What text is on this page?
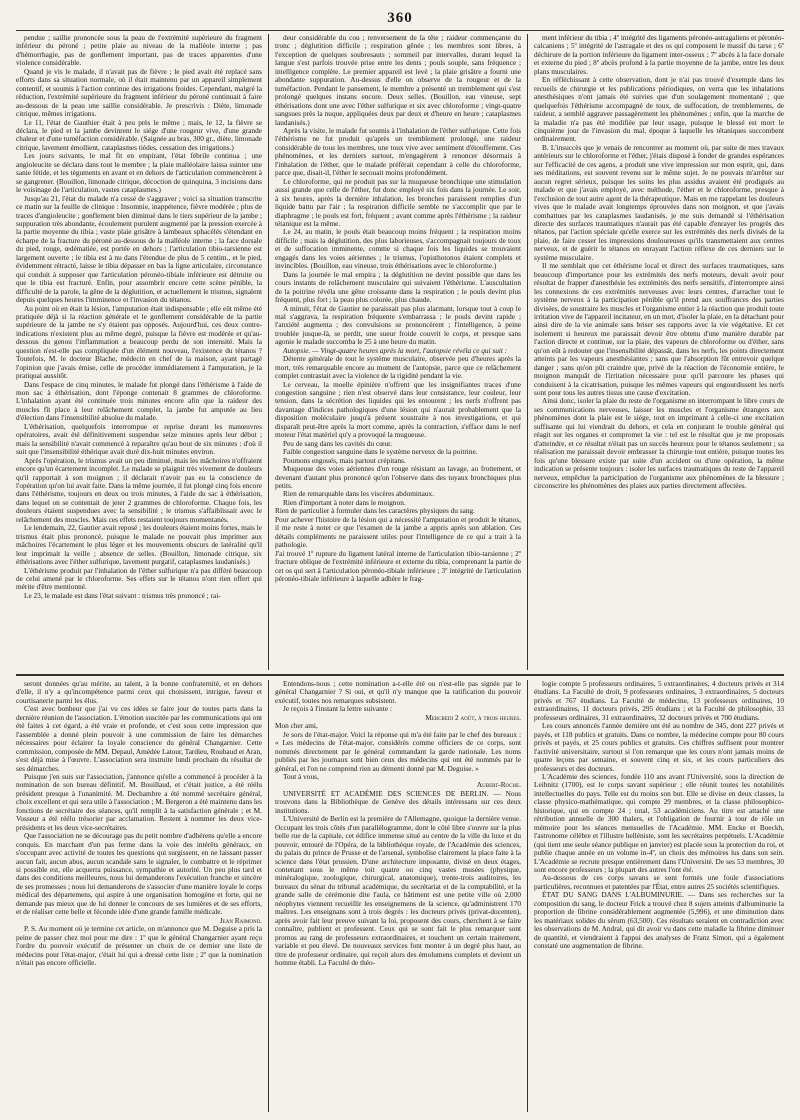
360

pendue ; saillie prononcée sous la peau de l'extrémité supérieure du fragment inférieur du péroné ; petite plaie au niveau de la malléole interne ; pas d'hémorrhagie, pas de gonflement important, pas de traces apparentes d'une violence considérable.

Quand je vis le malade, il n'avait pas de fièvre ; le pied avait été replacé sans efforts dans sa situation normale, où il était maintenu par un appareil simplement contentif, et soumis à l'action continue des irrigations froides. Cependant, malgré la réduction, l'extrémité supérieure du fragment inférieur du péroné continuait à faire au-dessous de la peau une saillie considérable. Je prescrivis : Diète, limonade citrique, mêmes irrigations.

Le 11, l'état de Gauthier était à peu près le même ; mais, le 12, la fièvre se déclara, le pied et la jambe devinrent le siége d'une rougeur vive, d'une grande chaleur et d'une tuméfaction considérable. (Saignée au bras, 300 gr., diète, limonade citrique, lavement émollient, cataplasmes tièdes, cessation des irrigations.)

Les jours suivants, le mal fit en empirant, l'état fébrile continua ; une angioleucite se déclara dans tout le membre ; la plaie malléolaire laissa suinter une sanie fétide, et les téguments en avant et en dehors de l'articulation commencèrent à se gangrener. (Bouillon, limonade citrique, décoction de quinquina, 3 incisions dans le voisinage de l'articulation, vastes cataplasmes.)

Jusqu'au 21, l'état du malade n'a cessé de s'aggraver ; voici sa situation transcrite ce matin sur la feuille de clinique : Insomnie, inappétence, fièvre modérée ; plus de traces d'angioleucite ; gonflement bien diminué dans le tiers supérieur de la jambe ; suppuration très abondante, écoulement purulent augmenté par la pression exercée à la partie moyenne du tibia ; vaste plaie grisâtre à lambeaux sphacélés s'étendant en écharpe de la fracture du péroné au-dessous de la malléole interne ; la face dorsale du pied, rouge, œdématiée, est portée en dehors ; l'articulation tibio-tarsienne est largement ouverte ; le tibia est à nu dans l'étendue de plus de 5 centim., et le pied, évidemment rétracté, laisse le tibia dépasser en bas la ligne articulaire, circonstance qui conduit à supposer que l'articulation péronéo-tibiale inférieure est détruite ou que le tibia est fracturé. Enfin, pour assombrir encore cette scène pénible, la difficulté de la parole, la gêne de la déglutition, et actuellement le trismus, signalent depuis quelques heures l'imminence et l'invasion du tétanos.

Au point où en était la lésion, l'amputation était indispensable ; elle eût même été pratiquée déjà si la réaction générale et le gonflement considérable de la partie supérieure de la jambe ne s'y étaient pas opposés. Aujourd'hui, ces deux contre-indications n'existent plus au même degré, puisque la fièvre est modérée et qu'au-dessous du genou l'inflammation a beaucoup perdu de son intensité. Mais la question n'est-elle pas compliquée d'un élément nouveau, l'existence du tétanos ? Toutefois, M. le docteur Blache, médecin en chef de la maison, ayant partagé l'opinion que j'avais émise, celle de procéder immédiatement à l'amputation, je la pratiquai aussitôt.

Dans l'espace de cinq minutes, le malade fut plongé dans l'éthérisme à l'aide de mon sac à éthérisation, dont l'éponge contenait 8 grammes de chloroforme. L'inhalation ayant été continuée trois minutes encore afin que la raideur des muscles fît place à leur relâchement complet, la jambe fut amputée au lieu d'élection dans l'insensibilité absolue du malade.

L'éthérisation, quelquefois interrompue et reprise durant les manœuvres opératoires, avait été définitivement suspendue seize minutes après leur début ; mais la sensibilité n'avait commencé à reparaître qu'au bout de six minutes : d'où il suit que l'insensibilité éthérique avait duré dix-huit minutes environ.

Après l'opération, le trismus avait un peu diminué, mais les mâchoires n'offraient encore qu'un écartement incomplet. Le malade se plaignit très vivement de douleurs qu'il rapportait à son moignon ; il déclarait n'avoir pas eu la conscience de l'opération qu'on lui avait faite. Dans la même journée, il fut plongé cinq fois encore dans l'éthérisme, toujours en deux ou trois minutes, à l'aide du sac à éthérisation, dans lequel on se contentait de jeter 2 grammes de chloroforme. Chaque fois, les douleurs étaient suspendues avec la sensibilité ; le trismus s'affaiblissait avec le relâchement des muscles. Mais ces effets restaient toujours momentanés.

Le lendemain, 22, Gautier avait reposé ; les douleurs étaient moins fortes, mais le trismus était plus prononcé, puisque le malade ne pouvait plus imprimer aux mâchoires l'écartement le plus léger et les mouvements obscurs de latéralité qu'il leur imprimait la veille ; absence de selles. (Bouillon, limonade citrique, six éthérisations avec l'éther sulfurique, lavement purgatif, cataplasmes laudanisés.)

L'éthérisme produit par l'inhalation de l'éther sulfurique n'a pas différé beaucoup de celui amené par le chloroforme. Ses effets sur le tétanos n'ont rien offert qui mérite d'être mentionné.

Le 23, le malade est dans l'état suivant : trismus très prononcé ; rai-

deur considérable du cou ; renversement de la tête ; raideur commençante du tronc ; déglutition difficile ; respiration gênée ; les membres sont libres, à l'exception de quelques soubresauts ; sommeil par intervalles, durant lequel la langue s'est parfois trouvée prise entre les dents ; pouls souple, sans fréquence ; intelligence complète. Le premier appareil est levé ; la plaie grisâtre a fourni une abondante suppuration. Au-dessus d'elle on observe de la rougeur et de la tuméfaction. Pendant le pansement, le membre a présenté un tremblement qui s'est prolongé quelques instans encore. Deux selles. (Bouillon, eau vineuse, sept éthérisations dont une avec l'éther sulfurique et six avec chloroforme ; vingt-quatre sangsues près la nuque, appliquées deux par deux et d'heure en heure ; cataplasmes laudanisés.)

Après la visite, le malade fut soumis à l'inhalation de l'éther sulfurique. Cette fois l'éthérisme ne fut produit qu'après un tremblement prolongé, une raideur considérable de tous les membres, une toux vive avec sentiment d'étouffement. Ces phénomènes, et les derniers surtout, m'engagèrent à renoncer désormais à l'inhalation de l'éther, que le malade préférait cependant à celle du chloroforme, parce que, disait-il, l'éther le secouait moins profondément.

Le chloroforme, qui ne produit pas sur la muqueuse bronchique une stimulation aussi grande que celle de l'éther, fut donc employé six fois dans la journée. Le soir, à six heures, après la dernière inhalation, les bronches paraissent remplies d'un liquide battu par l'air ; la respiration difficile semble ne s'accomplir que par le diaphragme ; le pouls est fort, fréquent ; avant comme après l'éthérisme ; la raideur tétanique est la même.

Le 24, au matin, le pouls était beaucoup moins fréquent ; la respiration moins difficile ; mais la déglutition, des plus laborieuses, s'accompagnait toujours de toux et de suffocation imminente, comme si chaque fois les liquides se trouvaient engagés dans les voies aériennes ; le trismus, l'opisthotonos étaient complets et invincibles. (Bouillon, eau vineuse, trois éthérisations avec le chloroforme.)

Dans la journée le mal empira ; la déglutition ne devint possible que dans les cours instants de relâchement musculaire qui suivaient l'éthérisme. L'auscultation de la poitrine révéla une gêne croissante dans la respiration ; le pouls devint plus fréquent, plus fort ; la peau plus colorée, plus chaude.

A minuit, l'état de Gautier ne paraissait pas plus alarmant, lorsque tout à coup le mal s'aggrava, la respiration fréquente s'embarrassa ; le pouls devint rapide ; l'anxiété augmenta ; des convulsions se prononcèrent ; l'intelligence, à peine troublée jusque-là, se perdit, une sueur froide couvrit le corps, et presque sans agonie le malade succomba le 25 à une heure du matin.

Autopsie. — Vingt-quatre heures après la mort, l'autopsie révéla ce qui suit :

Détente générale de tout le système musculaire, observée peu d'heures après la mort, très remarquable encore au moment de l'autopsie, parce que ce relâchement complet contrastait avec la violence de la rigidité pendant la vie.

Le cerveau, la moelle épinière n'offrent que les insignifiantes traces d'une congestion sanguine ; rien n'est observé dans leur consistance, leur couleur, leur tension, dans la sécrétion des liquides qui les entourent ; les nerfs n'offrent pas davantage d'indices pathologiques d'une lésion qui n'aurait probablement que la disposition moléculaire jusqu'à présent soustraite à nos investigations, et qui disparaît peut-être après la mort comme, après la contraction, s'efface dans le nerf moteur l'état matériel qu'y a provoqué la mugueuse.

Peu de sang dans les cavités du cœur.

Faible congestion sanguine dans le système nerveux de la poitrine.

Poumons engoués, mais partout crépitans.

Muqueuse des voies aériennes d'un rouge résistant au lavage, au frottement, et devenant d'autant plus prononcé qu'on l'observe dans des tuyaux bronchiques plus petits.

Rien de remarquable dans les viscères abdominaux.

Rien d'important à noter dans le moignon.

Rien de particulier à formuler dans les caractères physiques du sang.

Pour achever l'histoire de la lésion qui a nécessité l'amputation et produit le tétanos, il me reste à noter ce que l'examen de la jambe a appris après son ablation. Ces détails compléments ne paraissent utiles pour l'intelligence de ce qui a trait à la pathologie.

J'ai trouvé 1º rupture du ligament latéral interne de l'articulation tibio-tarsienne ; 2º fracture oblique de l'extrémité inférieure et externe du tibia, comprenant la partie de cet os qui sert à l'articulation péronéo-tibiale inférieure ; 3º intégrité de l'articulation péronéo-tibiale inférieure à laquelle adhère le frag-

ment inférieur du tibia ; 4º intégrité des ligaments péronéo-astragaliens et péronéo-calcaniens ; 5º intégrité de l'astragale et des os qui composent le massif du tarse ; 6º déchirure de la portion inférieure du ligament inter-osseux ; 7º abcès à la face dorsale et externe du pied ; 8º abcès profond à la partie moyenne de la jambe, entre les deux plans musculaires.

En réfléchissant à cette observation, dont je n'ai pas trouvé d'exemple dans les recueils de chirurgie et les publications périodiques, on verra que les inhalations anesthésiques n'ont jamais été suivies que d'un soulagement momentané ; que quelquefois l'éthérisme accompagné de toux, de suffocation, de tremblements, de raideur, a semblé aggraver passagèrement les phénomènes ; enfin, que la marche de la maladie n'a pas été modifiée par leur usage, puisque le blessé est mort le cinquième jour de l'invasion du mal, époque à laquelle les tétaniques succombent ordinairement.

B. L'insuccès que je venais de rencontrer au moment où, par suite de mes travaux antérieurs sur le chloroforme et l'éther, j'étais disposé à fonder de grandes espérances sur l'efficacité de ces agens, a produit une vive impression sur mon esprit, qui, dans ses méditations, est souvent revenu sur le même sujet. Je ne pouvais m'arrêter sur aucun regret sérieux, puisque les soins les plus assidus avaient été prodigués au malade et que j'avais employé, avec méthode, l'éther et le chloroforme, presque à l'exclusion de tout autre agent de la thérapeutique. Mais en me rappelant les douleurs vives que le malade avait longtemps éprouvées dans son moignon, et que j'avais combattues par les cataplasmes laudanisés, je me suis demandé si l'éthérisation directe des surfaces traumatiques n'aurait pas été capable d'enrayer les progrès des tétanos, par l'action spéciale qu'elle exerce sur les extrémités des nerfs divisés de la plaie, de faire cesser les impressions douloureuses qu'ils transmettaient aux centres nerveux, et de guérir le tétanos en enrayant l'action réflexe de ces derniers sur le système musculaire.

Il me semblait que cet éthérisme local et direct des surfaces traumatiques, sans beaucoup d'importance pour les extrémités des nerfs moteurs, devait avoir pour résultat de frapper d'anesthésie les extrémités des nerfs sensitifs, d'interrompre ainsi les connexions de ces extrémités nerveuses avec leurs centres, d'arracher tout le système nerveux à la participation pénible qu'il prend aux souffrances des parties divisées, de soustraire les muscles et l'organisme entier à la réaction que produit toute irritation vive de l'appareil incitateur, en un mot, d'isoler la plaie, en la détachant pour ainsi dire de la vie animale sans briser ses rapports avec la vie végétative. Et cet isolement si heureux me paraissait devoir être obtenu d'une manière durable par l'action directe et continue, sur la plaie, des vapeurs de chloroforme ou d'éther, sans qu'on eût à redouter que l'insensibilité dépassât, dans les nerfs, les points directement atteints par les vapeurs anesthésiantes ; sans que l'absorption fût entrevoir quelque danger ; sans qu'on pût craindre que, privé de la réaction de l'économie entière, le moignon manquât de l'irritation nécessaire pour qu'il parcoure les phases qui conduisent à la cicatrisation, puisque les mêmes vapeurs qui engourdissent les nerfs sont pour tous les autres tissus une cause d'excitation.

Ainsi donc, isoler la plaie du reste de l'organisme en interrompant le libre cours de ses communications nerveuses, laisser les muscles et l'organisme étrangers aux phénomènes dont la plaie est le siége, tout en imprimant à celle-ci une excitation suffisante qui lui viendrait du dehors, et cela en conjurant le trouble général qui réagit sur les organes et compromet la vie : tel est le résultat que je me proposais d'atteindre, et ce résultat n'était pas un succès heureux pour le tétanos seulement ; sa réalisation me paraissait devoir embrasser la chirurgie tout entière, puisque toutes les fois qu'une blessure existe par suite d'un accident ou d'une opération, la même indication se présente toujours : isoler les surfaces traumatiques du reste de l'appareil nerveux, empêcher la participation de l'organisme aux phénomènes de la blessure ; circonscrire les phénomènes des plaies aux parties directement affectées.

seront données qu'au mérite, au talent, à la bonne confraternité, et en dehors d'elle, il n'y a qu'incompétence parmi ceux qui choisissent, intrigue, faveur et courtisanerie parmi les élus.

C'est avec bonheur que j'ai vu ces idées se faire jour de toutes parts dans la dernière réunion de l'association. L'émotion suscitée par les communications qui ont été faites à cet égard, a été vraie et profonde, et c'est sous cette impression que l'assemblée a donné plein pouvoir à une commission de faire les démarches nécessaires pour éclairer la loyale conscience du général Changarnier. Cette commission, composée de MM. Depaul, Amédée Latour, Tardieu, Roubaud et Aran, s'est déjà mise à l'œuvre. L'association sera instruite lundi prochain du résultat de ses démarches.

Puisque j'en suis sur l'association, j'annonce qu'elle a commencé à procéder à la nomination de son bureau définitif. M. Bouillaud, et c'était justice, a été réélu président presque à l'unanimité. M. Dechambre a été nommé secrétaire général, choix excellent et qui sera utile à l'association ; M. Bergeron a été maintenu dans les fonctions de secrétaire des séances, qu'il remplit à la satisfaction générale ; et M. Vosseur a été réélu trésorier par acclamation. Restent à nommer les deux vice-présidents et les deux vice-secrétaires.

Que l'association ne se décourage pas du petit nombre d'adhérens qu'elle a encore conquis. En marchant d'un pas ferme dans la voie des intérêts généraux, en s'occupant avec activité de toutes les questions qui surgissent, en ne laissant passer aucun fait, aucun abus, aucun scandale sans le signaler, le combattre et le réprimer si possible est, elle acquerra puissance, sympathie et autorité. Un peu plus tard et dans des conditions meilleures, nous lui demanderons l'exécution franche et sincère de ses promesses ; nous lui demanderons de s'associer d'une manière loyale le corps médical des départemens, qui aspire à une organisation homogène et forte, qui ne demande pas mieux que de lui donner le concours de ses lumières et de ses efforts, et de réaliser cette belle et féconde idée d'une grande famille médicale.

Jean Raimond.

P. S. Au moment où je termine cet article, on m'annonce que M. Deguise a pris la peine de passer chez moi pour me dire : 1º que le général Changarnier ayant reçu l'ordre du pouvoir exécutif de présenter un choix de ce dernier une liste de médecins pour l'état-major, c'était lui qui a dressé cette liste ; 2º que la nomination n'était pas encore officielle.

Entendons-nous ; cette nomination a-t-elle été ou n'est-elle pas signée par le général Changarnier ? Si oui, et qu'il n'y manque que la ratification du pouvoir exécutif, toutes nos remarques subsistent.

Je reçois à l'instant la lettre suivante :

Mercredi 2 août, à trois heures.

Mon cher ami,

Je sors de l'état-major. Voici la réponse qui m'a été faite par le chef des bureaux : « Les médecins de l'état-major, considérés comme officiers de ce corps, sont nommés directement par le général commandant la garde nationale. Les noms publiés par les journaux sont bien ceux des médecins qui ont été nommés par le général, et l'on ne comprend rien au démenti donné par M. Deguise. »

Tout à vous,

Aubert-Roche.

UNIVERSITÉ ET ACADÉMIE DES SCIENCES DE BERLIN. — Nous trouvons dans la Bibliothèque de Genève des détails intéressans sur ces deux institutions.

L'Université de Berlin est la première de l'Allemagne, quoique la dernière venue. Occupant les trois côtés d'un parallélogramme, dont le côté libre s'ouvre sur la plus belle rue de la capitale, cet édifice immense situé au centre de la ville du luxe et du pouvoir, entouré de l'Opéra, de la bibliothèque royale, de l'Académie des sciences, du palais du prince de Prusse et de l'arsenal, symbolise clairement la place faite à la science dans l'état prussien. D'une architecture imposante, divisé en deux étages, contenant sous le même toit quatre ou cinq vastes musées (physique, minéralogique, zoologique, chirurgical, anatomique), trente-trois auditoires, les bureaux du sénat du tribunal académique, du secrétariat et de la comptabilité, et la grande salle de cérémonie dite l'aula, ce bâtiment est une petite ville où 2,000 néophytes viennent recueillir les enseignemens de la science, qu'administrent 170 maîtres. Les enseignans sont à trois degrés : les docteurs privés (privat-docenten), après avoir fait leur preuve suivant la loi, proposent des cours, cherchent à se faire connaître, publient et professent. Ceux qui se sont fait le plus remarquer sont promus au rang de professeurs extraordinaires, et touchent un certain traitement, variable et peu élevé. De nouveaux services font monter à un degré plus haut, au titre de professeur ordinaire, qui reçoit alors des émolumens complets et devient un homme établi. La Faculté de théo-

logie compte 5 professeurs ordinaires, 5 extraordinaires, 4 docteurs privés et 314 étudians. La Faculté de droit, 9 professeurs ordinaires, 3 extraordinaires, 5 docteurs privés et 767 étudians. La Faculté de médecine, 13 professeurs ordinaires, 10 extraordinaires, 11 docteurs privés, 295 étudians ; et la Faculté de philosophie, 33 professeurs ordinaires, 31 extraordinaires, 32 docteurs privés et 700 étudians.

Les cours annoncés l'année dernière ont été au nombre de 345, dont 227 privés et payés, et 118 publics et gratuits. Dans ce nombre, la médecine compte pour 80 cours privés et payés, et 25 cours publics et gratuits. Ces chiffres suffisent pour montrer l'activité universitaire, surtout si l'on remarque que les cours n'ont jamais moins de quatre leçons par semaine, et souvent cinq et six, et les cours particuliers des professeurs et des docteurs.

L'Académie des sciences, fondée 110 ans avant l'Université, sous la direction de Leibnitz (1700), est le corps savant supérieur ; elle réunit toutes les notabilités intellectuelles du pays. Telle est du moins son but. Elle se divise en deux classes, la classe physico-mathématique, qui compte 29 membres, et la classe philosophico-historique, qui en compte 24 ; total, 53 académiciens. Au titre est attaché une rétribution annuelle de 300 thalers, et l'obligation de fournir à tour de rôle un mémoire pour les séances mensuelles de l'Académie. MM. Encke et Boeckh, l'astronome célèbre et l'illustre helléniste, sont les secrétaires perpétuels. L'Académie (qui tient une seule séance publique en janvier) est placée sous la protection du roi, et publie chaque année en un volume in-4º, un choix des mémoires lus dans son sein. L'Académie se recrute presque entièrement dans l'Université. De ses 53 membres, 30 sont encore professeurs ; la plupart des autres l'ont été.

Au-dessous de ces corps savans se sont formés une foule d'associations particulières, reconnues et patentées par l'État, entre autres 25 sociétés scientifiques.

ÉTAT DU SANG DANS L'ALBUMINURIE. — Dans ses recherches sur la composition du sang, le docteur Frick a trouvé chez 8 sujets atteints d'albuminurie la proportion de fibrine considérablement augmentée (5,996), et une diminution dans les matériaux solides du sérum (63,500). Ces résultats seraient en contradiction avec les observations de M. Andral, qui dit avoir vu dans cette maladie la fibrine diminuer de quantité, et viendraient à l'appui des analyses de Franz Simon, qui a également constaté une augmentation de fibrine.
